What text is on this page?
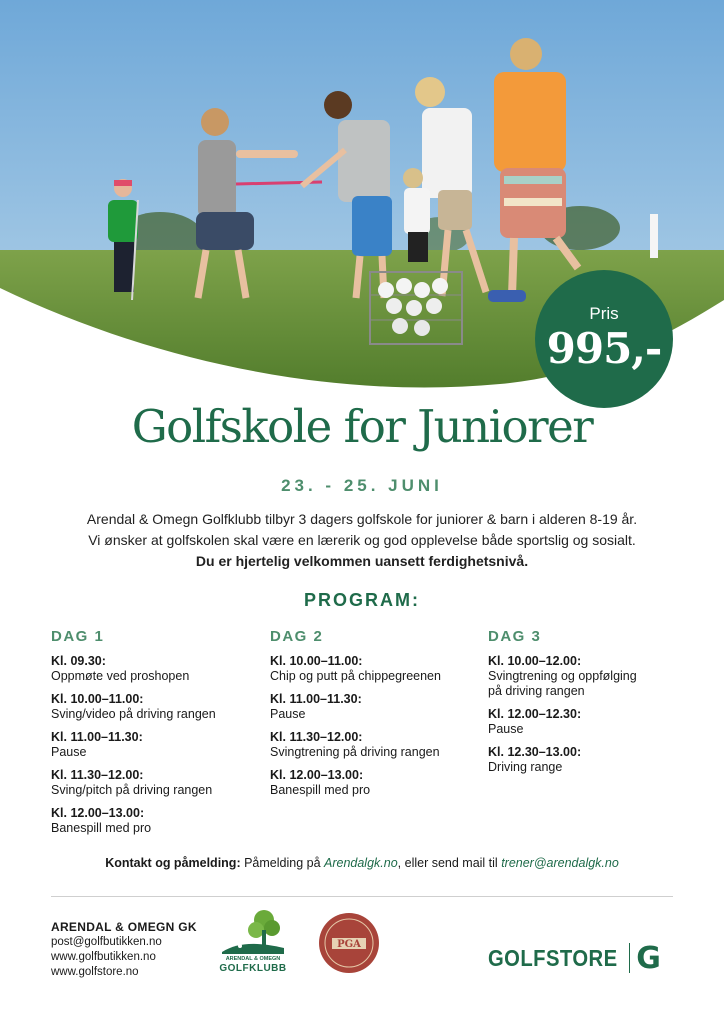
Pris
995,-
Golfskole for Juniorer
23. - 25. JUNI
Arendal & Omegn Golfklubb tilbyr 3 dagers golfskole for juniorer & barn i alderen 8-19 år.
Vi ønsker at golfskolen skal være en lærerik og god opplevelse både sportslig og sosialt.
Du er hjertelig velkommen uansett ferdighetsnivå.
PROGRAM:
DAG 1
Kl. 09.30:
Oppmøte ved proshopen
Kl. 10.00–11.00:
Sving/video på driving rangen
Kl. 11.00–11.30:
Pause
Kl. 11.30–12.00:
Sving/pitch på driving rangen
Kl. 12.00–13.00:
Banespill med pro
DAG 2
Kl. 10.00–11.00:
Chip og putt på chippegreenen
Kl. 11.00–11.30:
Pause
Kl. 11.30–12.00:
Svingtrening på driving rangen
Kl. 12.00–13.00:
Banespill med pro
DAG 3
Kl. 10.00–12.00:
Svingtrening og oppfølging på driving rangen
Kl. 12.00–12.30:
Pause
Kl. 12.30–13.00:
Driving range
Kontakt og påmelding: Påmelding på Arendalgk.no, eller send mail til trener@arendalgk.no
ARENDAL & OMEGN GK
post@golfbutikken.no
www.golfbutikken.no
www.golfstore.no
ARENDAL & OMEGN
GOLFKLUBB
PGA	GOLFSTORE G
